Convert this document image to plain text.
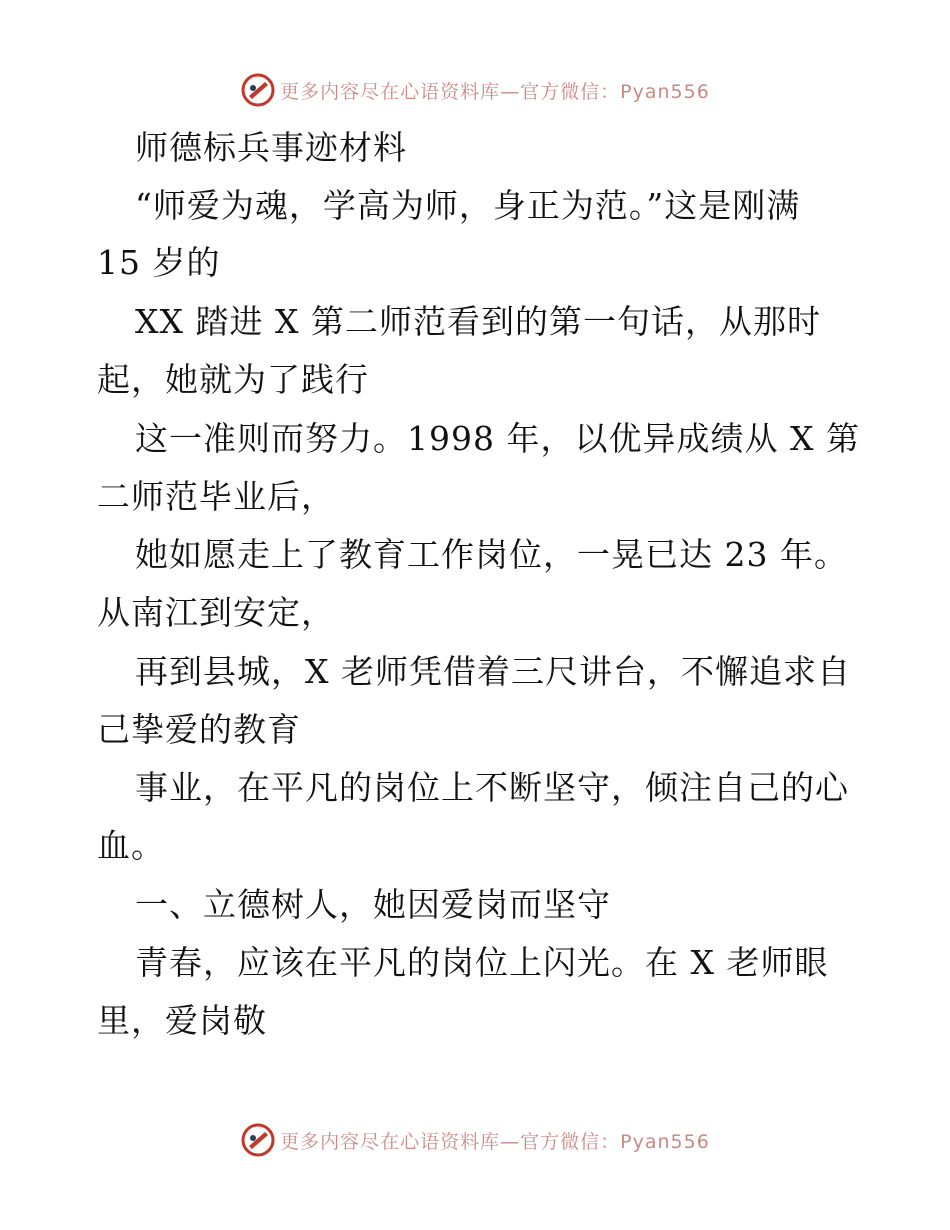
更多内容尽在心语资料库—官方微信：Pyan556
师德标兵事迹材料
“师爱为魂，学高为师，身正为范。”这是刚满
15 岁的
XX 踏进 X 第二师范看到的第一句话，从那时
起，她就为了践行
这一准则而努力。1998 年，以优异成绩从 X 第
二师范毕业后，
她如愿走上了教育工作岗位，一晃已达 23 年。
从南江到安定，
再到县城，X 老师凭借着三尺讲台，不懈追求自
己挚爱的教育
事业，在平凡的岗位上不断坚守，倾注自己的心
血。
一、立德树人，她因爱岗而坚守
青春，应该在平凡的岗位上闪光。在 X 老师眼
里，爱岗敬
更多内容尽在心语资料库—官方微信：Pyan556
